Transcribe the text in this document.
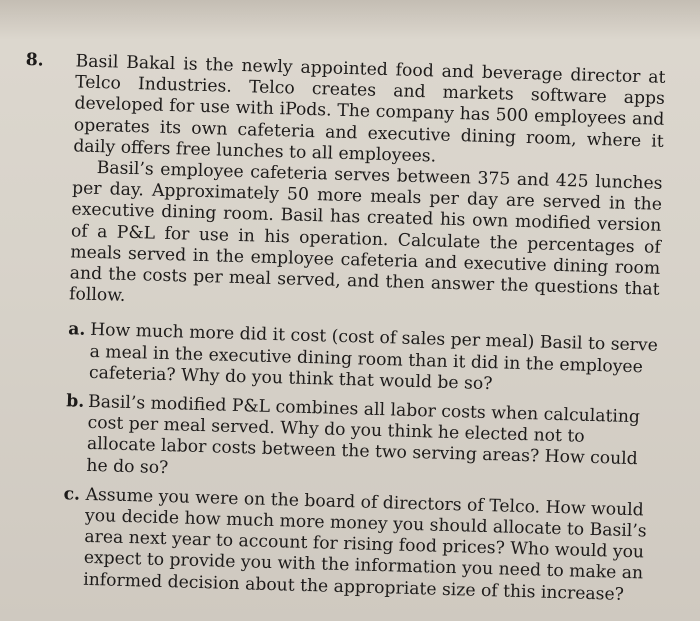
8.	Basil Bakal is the newly appointed food and beverage director at Telco Industries. Telco creates and markets software apps developed for use with iPods. The company has 500 employees and operates its own cafeteria and executive dining room, where it daily offers free lunches to all employees.
Basil’s employee cafeteria serves between 375 and 425 lunches per day. Approximately 50 more meals per day are served in the executive dining room. Basil has created his own modified version of a P&L for use in his operation. Calculate the percentages of meals served in the employee cafeteria and executive dining room and the costs per meal served, and then answer the questions that follow.
a. How much more did it cost (cost of sales per meal) Basil to serve a meal in the executive dining room than it did in the employee cafeteria? Why do you think that would be so?
b. Basil’s modified P&L combines all labor costs when calculating cost per meal served. Why do you think he elected not to allocate labor costs between the two serving areas? How could he do so?
c. Assume you were on the board of directors of Telco. How would you decide how much more money you should allocate to Basil’s area next year to account for rising food prices? Who would you expect to provide you with the information you need to make an informed decision about the appropriate size of this increase?
